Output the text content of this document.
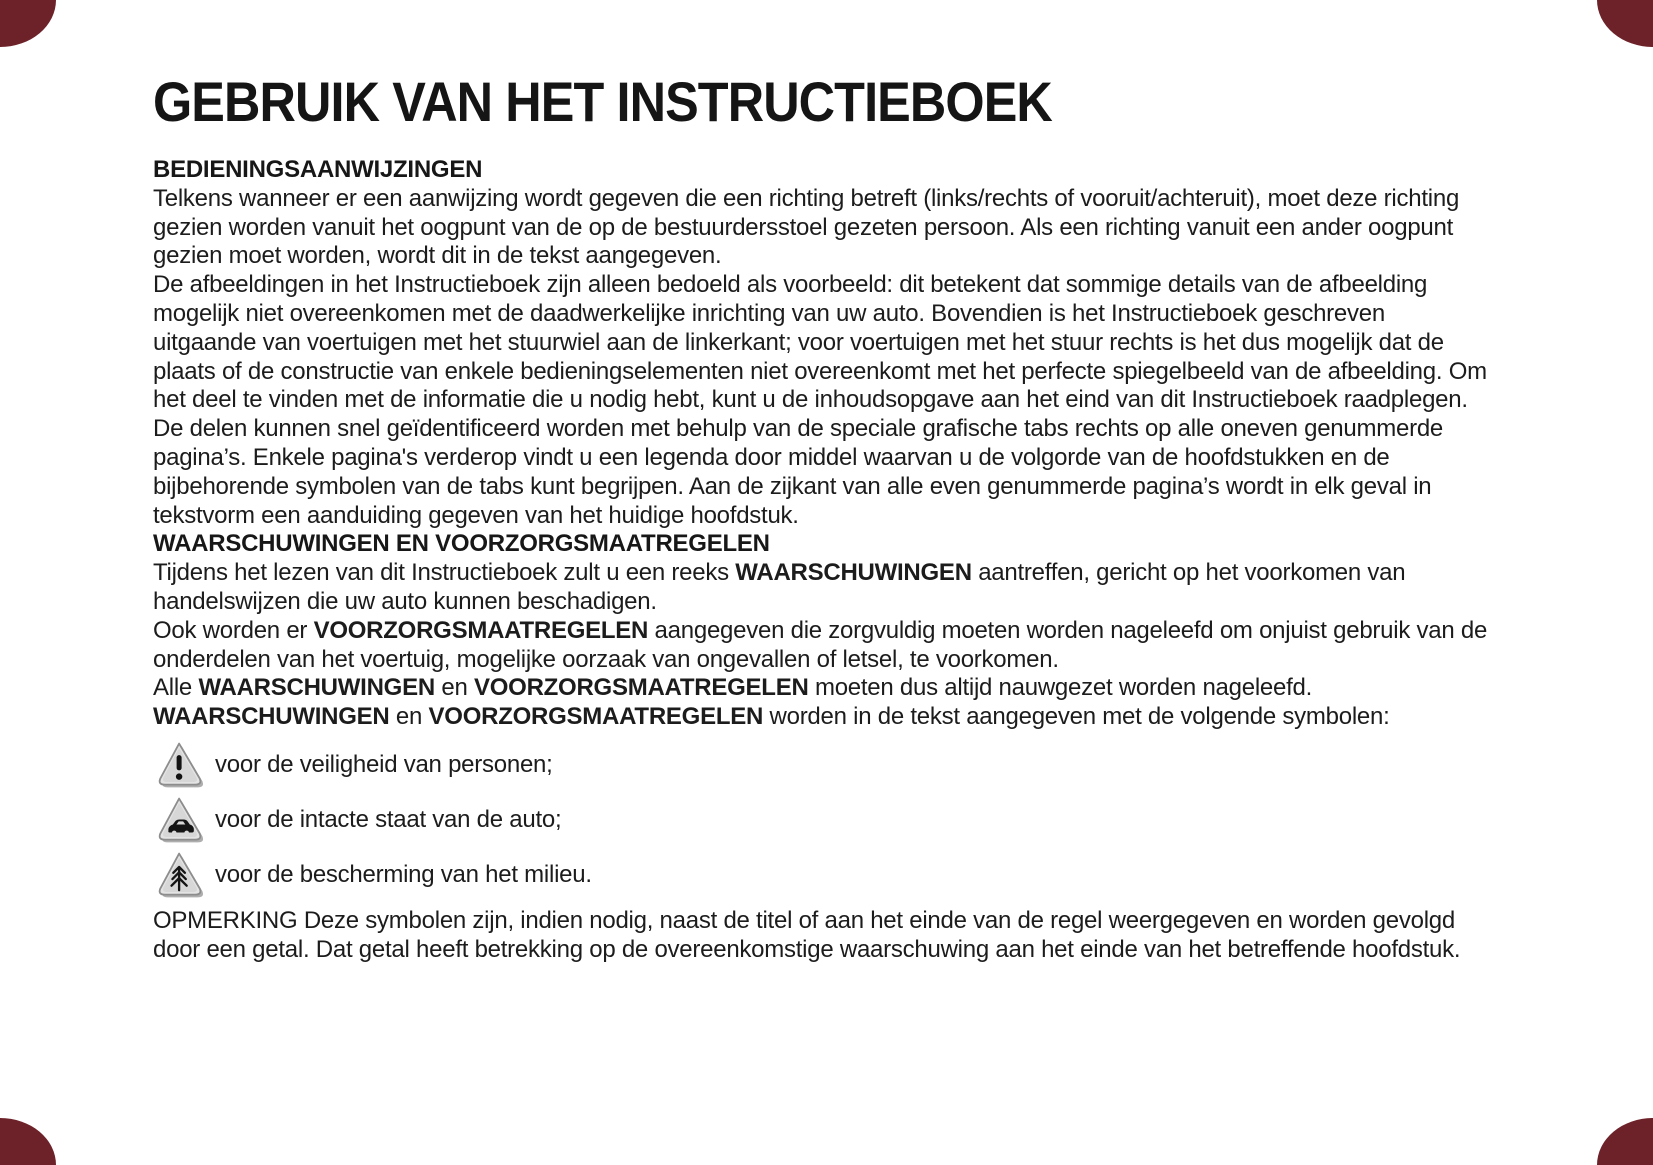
GEBRUIK VAN HET INSTRUCTIEBOEK
BEDIENINGSAANWIJZINGEN

Telkens wanneer er een aanwijzing wordt gegeven die een richting betreft (links/rechts of vooruit/achteruit), moet deze richting gezien worden vanuit het oogpunt van de op de bestuurdersstoel gezeten persoon. Als een richting vanuit een ander oogpunt gezien moet worden, wordt dit in de tekst aangegeven.

De afbeeldingen in het Instructieboek zijn alleen bedoeld als voorbeeld: dit betekent dat sommige details van de afbeelding mogelijk niet overeenkomen met de daadwerkelijke inrichting van uw auto. Bovendien is het Instructieboek geschreven uitgaande van voertuigen met het stuurwiel aan de linkerkant; voor voertuigen met het stuur rechts is het dus mogelijk dat de plaats of de constructie van enkele bedieningselementen niet overeenkomt met het perfecte spiegelbeeld van de afbeelding. Om het deel te vinden met de informatie die u nodig hebt, kunt u de inhoudsopgave aan het eind van dit Instructieboek raadplegen.

De delen kunnen snel geïdentificeerd worden met behulp van de speciale grafische tabs rechts op alle oneven genummerde pagina’s. Enkele pagina's verderop vindt u een legenda door middel waarvan u de volgorde van de hoofdstukken en de bijbehorende symbolen van de tabs kunt begrijpen. Aan de zijkant van alle even genummerde pagina’s wordt in elk geval in tekstvorm een aanduiding gegeven van het huidige hoofdstuk.

WAARSCHUWINGEN EN VOORZORGSMAATREGELEN

Tijdens het lezen van dit Instructieboek zult u een reeks WAARSCHUWINGEN aantreffen, gericht op het voorkomen van handelswijzen die uw auto kunnen beschadigen.

Ook worden er VOORZORGSMAATREGELEN aangegeven die zorgvuldig moeten worden nageleefd om onjuist gebruik van de onderdelen van het voertuig, mogelijke oorzaak van ongevallen of letsel, te voorkomen.

Alle WAARSCHUWINGEN en VOORZORGSMAATREGELEN moeten dus altijd nauwgezet worden nageleefd.

WAARSCHUWINGEN en VOORZORGSMAATREGELEN worden in de tekst aangegeven met de volgende symbolen:

voor de veiligheid van personen;
voor de intacte staat van de auto;
voor de bescherming van het milieu.

OPMERKING Deze symbolen zijn, indien nodig, naast de titel of aan het einde van de regel weergegeven en worden gevolgd door een getal. Dat getal heeft betrekking op de overeenkomstige waarschuwing aan het einde van het betreffende hoofdstuk.
